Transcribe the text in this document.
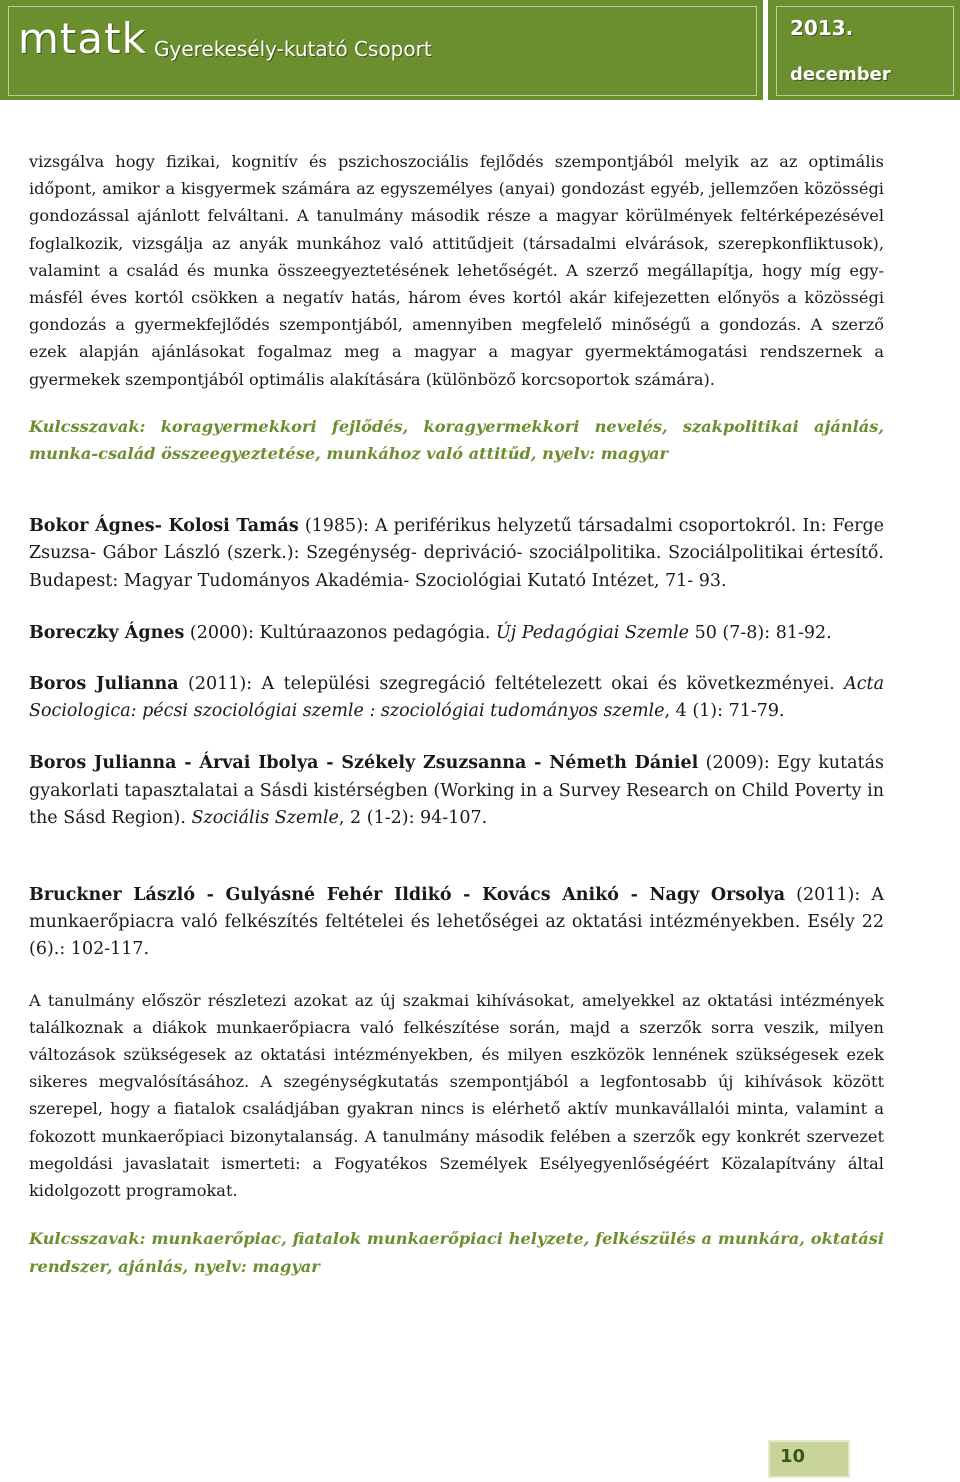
mtatk Gyerekesély-kutató Csoport
2013.
december

vizsgálva hogy fizikai, kognitív és pszichoszociális fejlődés szempontjából melyik az az optimális időpont, amikor a kisgyermek számára az egyszemélyes (anyai) gondozást egyéb, jellemzően közösségi gondozással ajánlott felváltani. A tanulmány második része a magyar körülmények feltérképezésével foglalkozik, vizsgálja az anyák munkához való attitűdjeit (társadalmi elvárások, szerepkonfliktusok), valamint a család és munka összeegyeztetésének lehetőségét. A szerző megállapítja, hogy míg egy-másfél éves kortól csökken a negatív hatás, három éves kortól akár kifejezetten előnyös a közösségi gondozás a gyermekfejlődés szempontjából, amennyiben megfelelő minőségű a gondozás. A szerző ezek alapján ajánlásokat fogalmaz meg a magyar a magyar gyermektámogatási rendszernek a gyermekek szempontjából optimális alakítására (különböző korcsoportok számára).

Kulcsszavak: koragyermekkori fejlődés, koragyermekkori nevelés, szakpolitikai ajánlás, munka-család összeegyeztetése, munkához való attitűd, nyelv: magyar

Bokor Ágnes- Kolosi Tamás (1985): A periférikus helyzetű társadalmi csoportokról. In: Ferge Zsuzsa- Gábor László (szerk.): Szegénység- depriváció- szociálpolitika. Szociálpolitikai értesítő. Budapest: Magyar Tudományos Akadémia- Szociológiai Kutató Intézet, 71- 93.

Boreczky Ágnes (2000): Kultúraazonos pedagógia. Új Pedagógiai Szemle 50 (7-8): 81-92.

Boros Julianna (2011): A települési szegregáció feltételezett okai és következményei. Acta Sociologica: pécsi szociológiai szemle : szociológiai tudományos szemle, 4 (1): 71-79.

Boros Julianna - Árvai Ibolya - Székely Zsuzsanna - Németh Dániel (2009): Egy kutatás gyakorlati tapasztalatai a Sásdi kistérségben (Working in a Survey Research on Child Poverty in the Sásd Region). Szociális Szemle, 2 (1-2): 94-107.

Bruckner László - Gulyásné Fehér Ildikó - Kovács Anikó - Nagy Orsolya (2011): A munkaerőpiacra való felkészítés feltételei és lehetőségei az oktatási intézményekben. Esély 22 (6).: 102-117.

A tanulmány először részletezi azokat az új szakmai kihívásokat, amelyekkel az oktatási intézmények találkoznak a diákok munkaerőpiacra való felkészítése során, majd a szerzők sorra veszik, milyen változások szükségesek az oktatási intézményekben, és milyen eszközök lennének szükségesek ezek sikeres megvalósításához. A szegénységkutatás szempontjából a legfontosabb új kihívások között szerepel, hogy a fiatalok családjában gyakran nincs is elérhető aktív munkavállalói minta, valamint a fokozott munkaerőpiaci bizonytalanság. A tanulmány második felében a szerzők egy konkrét szervezet megoldási javaslatait ismerteti: a Fogyatékos Személyek Esélyegyenlőségéért Közalapítvány által kidolgozott programokat.

Kulcsszavak: munkaerőpiac, fiatalok munkaerőpiaci helyzete, felkészülés a munkára, oktatási rendszer, ajánlás, nyelv: magyar

10
